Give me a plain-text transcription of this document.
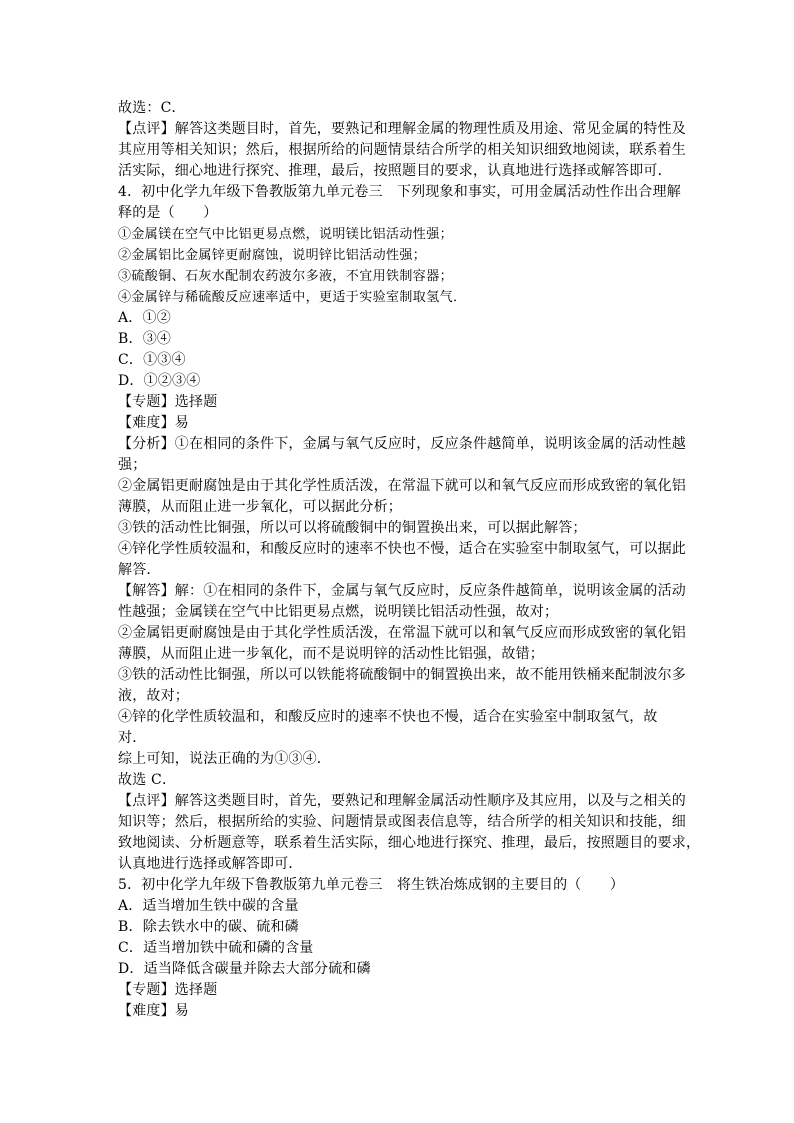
故选：C．
【点评】解答这类题目时，首先，要熟记和理解金属的物理性质及用途、常见金属的特性及
其应用等相关知识；然后，根据所给的问题情景结合所学的相关知识细致地阅读，联系着生
活实际，细心地进行探究、推理，最后，按照题目的要求，认真地进行选择或解答即可．
4．初中化学九年级下鲁教版第九单元卷三　下列现象和事实，可用金属活动性作出合理解
释的是（　　）
①金属镁在空气中比铝更易点燃，说明镁比铝活动性强；
②金属铝比金属锌更耐腐蚀，说明锌比铝活动性强；
③硫酸铜、石灰水配制农药波尔多液，不宜用铁制容器；
④金属锌与稀硫酸反应速率适中，更适于实验室制取氢气．
A．①②
B．③④
C．①③④
D．①②③④
【专题】选择题
【难度】易
【分析】①在相同的条件下，金属与氧气反应时，反应条件越简单，说明该金属的活动性越
强；
②金属铝更耐腐蚀是由于其化学性质活泼，在常温下就可以和氧气反应而形成致密的氧化铝
薄膜，从而阻止进一步氧化，可以据此分析；
③铁的活动性比铜强，所以可以将硫酸铜中的铜置换出来，可以据此解答；
④锌化学性质较温和，和酸反应时的速率不快也不慢，适合在实验室中制取氢气，可以据此
解答．
【解答】解：①在相同的条件下，金属与氧气反应时，反应条件越简单，说明该金属的活动
性越强；金属镁在空气中比铝更易点燃，说明镁比铝活动性强，故对；
②金属铝更耐腐蚀是由于其化学性质活泼，在常温下就可以和氧气反应而形成致密的氧化铝
薄膜，从而阻止进一步氧化，而不是说明锌的活动性比铝强，故错；
③铁的活动性比铜强，所以可以铁能将硫酸铜中的铜置换出来，故不能用铁桶来配制波尔多
液，故对；
④锌的化学性质较温和，和酸反应时的速率不快也不慢，适合在实验室中制取氢气，故
对．
综上可知，说法正确的为①③④．
故选 C．
【点评】解答这类题目时，首先，要熟记和理解金属活动性顺序及其应用，以及与之相关的
知识等；然后，根据所给的实验、问题情景或图表信息等，结合所学的相关知识和技能，细
致地阅读、分析题意等，联系着生活实际，细心地进行探究、推理，最后，按照题目的要求，
认真地进行选择或解答即可．
5．初中化学九年级下鲁教版第九单元卷三　将生铁冶炼成钢的主要目的（　　）
A．适当增加生铁中碳的含量
B．除去铁水中的碳、硫和磷
C．适当增加铁中硫和磷的含量
D．适当降低含碳量并除去大部分硫和磷
【专题】选择题
【难度】易
